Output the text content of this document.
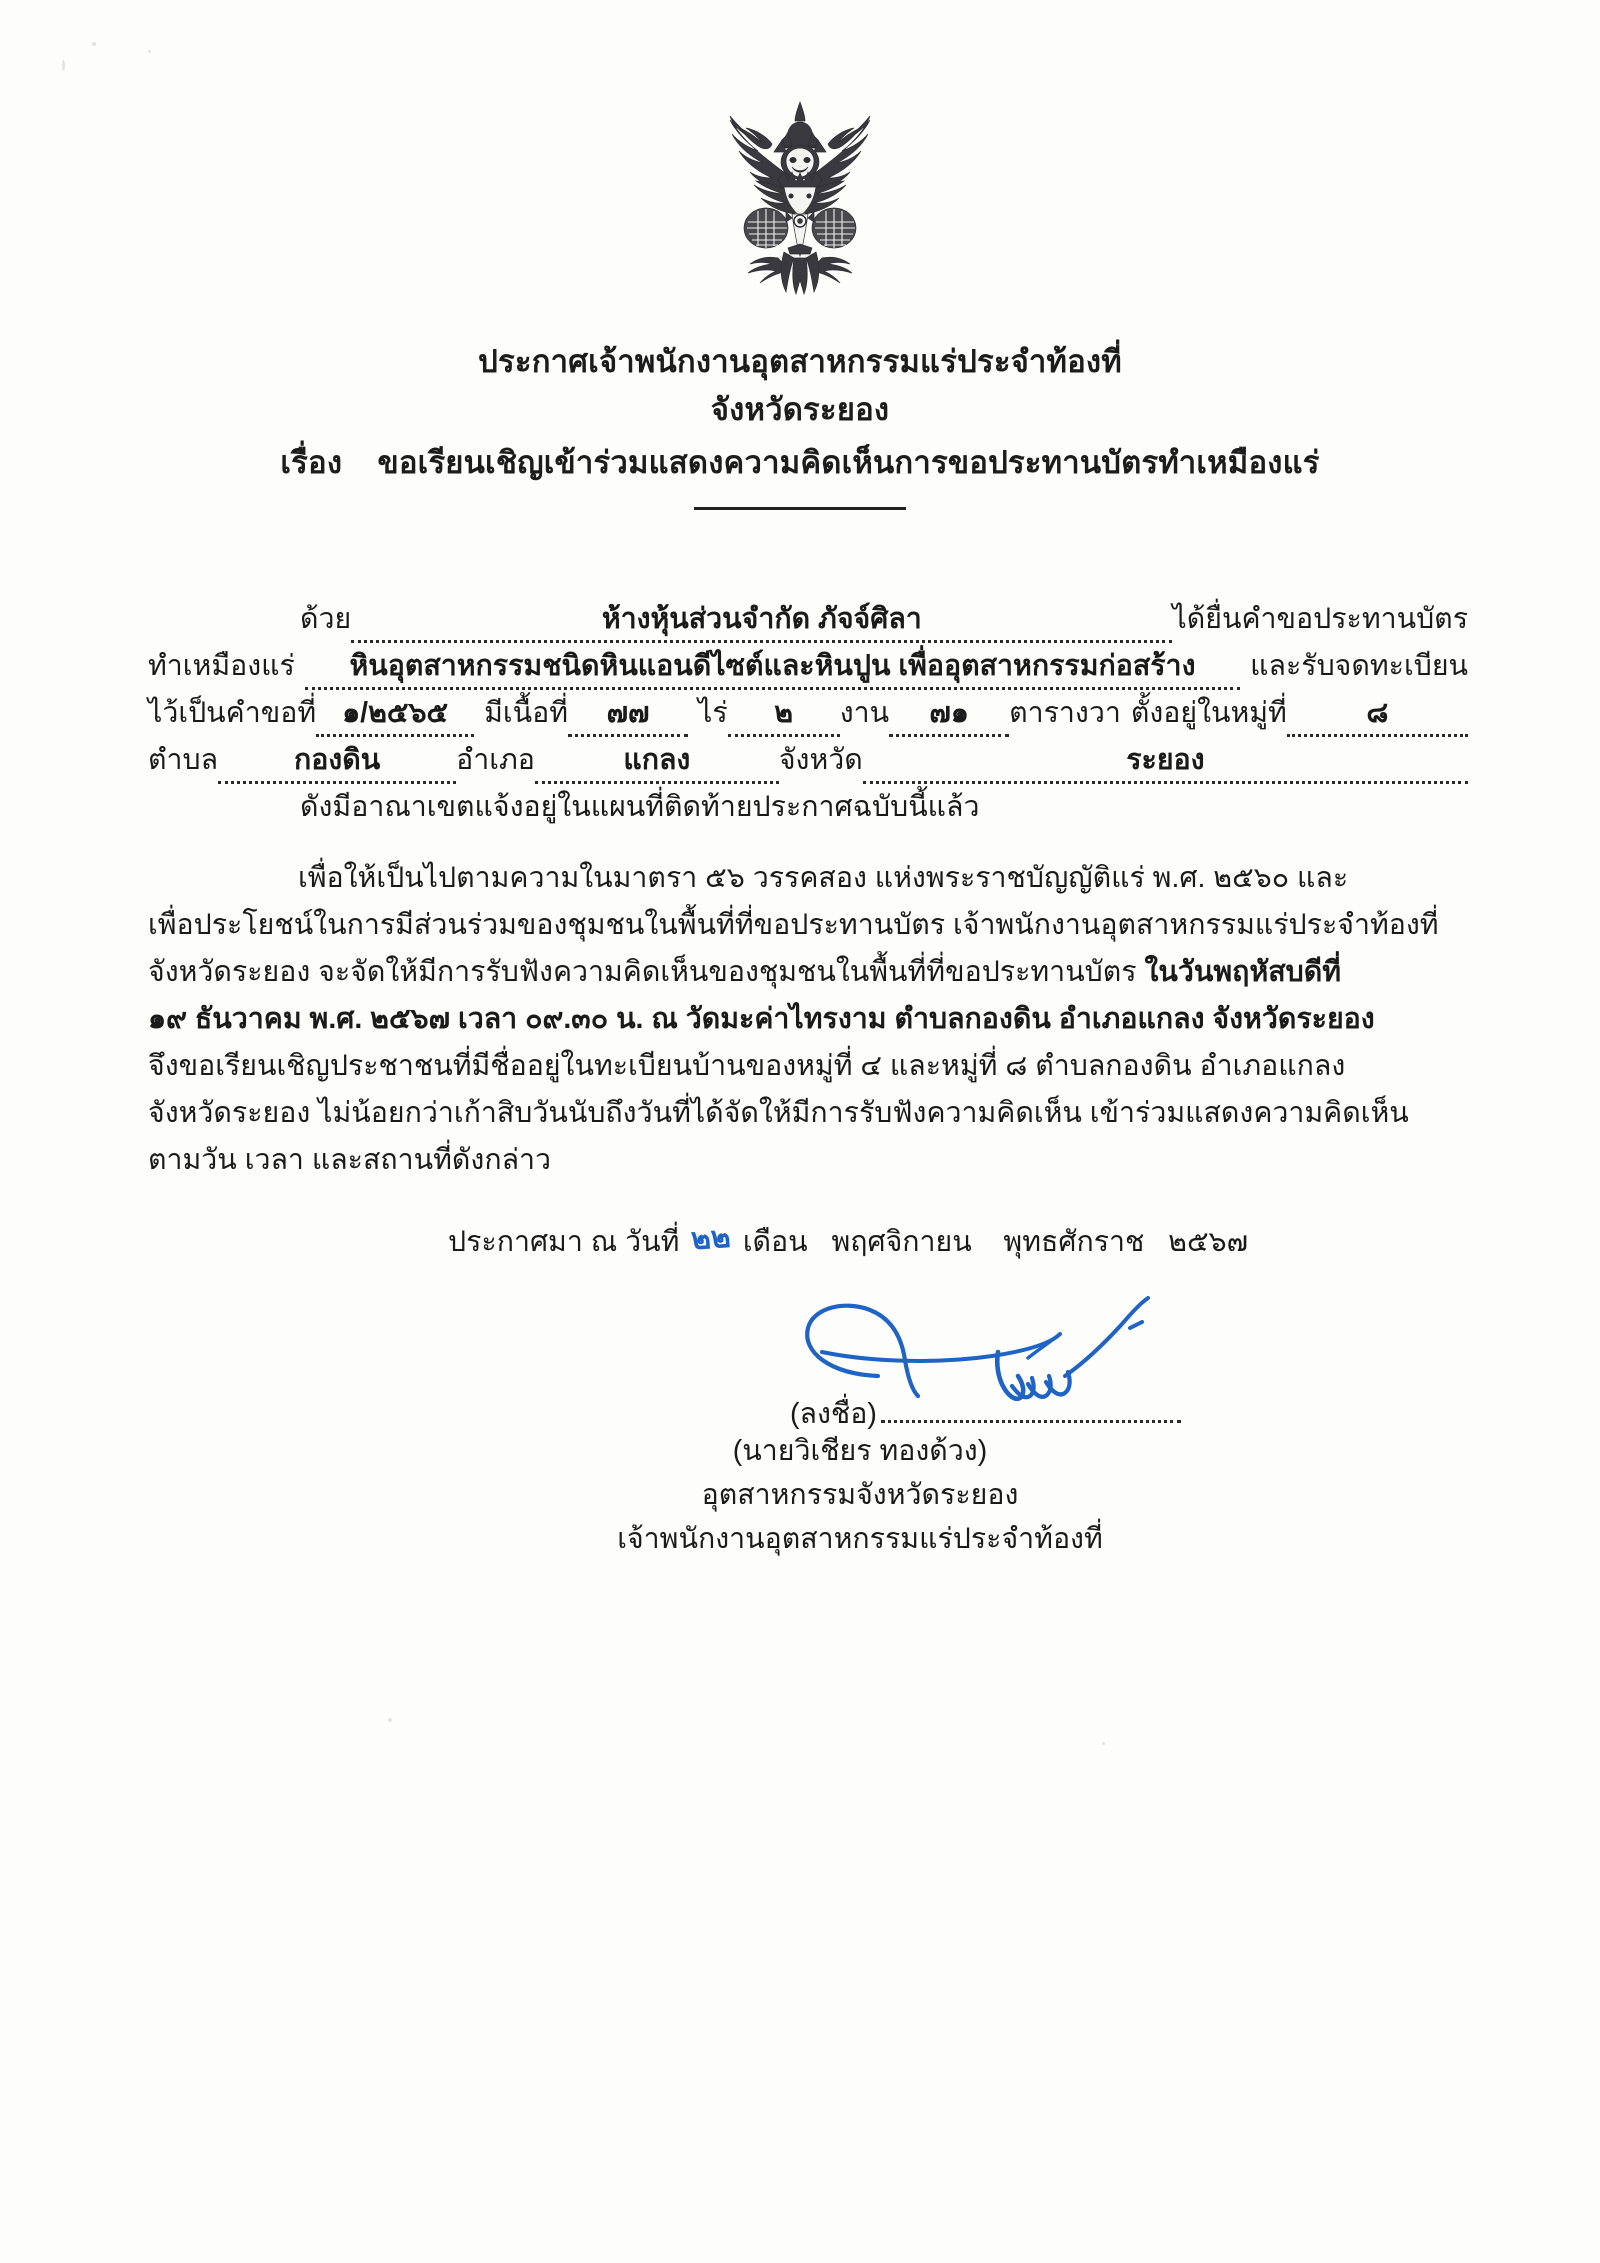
ประกาศเจ้าพนักงานอุตสาหกรรมแร่ประจำท้องที่
จังหวัดระยอง
เรื่อง ขอเรียนเชิญเข้าร่วมแสดงความคิดเห็นการขอประทานบัตรทำเหมืองแร่
ด้วย	ห้างหุ้นส่วนจำกัด ภัจจ์ศิลา	ได้ยื่นคำขอประทานบัตร
ทำเหมืองแร่	หินอุตสาหกรรมชนิดหินแอนดีไซต์และหินปูน เพื่ออุตสาหกรรมก่อสร้าง	และรับจดทะเบียน
ไว้เป็นคำขอที่ ๑/๒๕๖๕	มีเนื้อที่	๗๗	ไร่	๒	งาน	๗๑	ตารางวา ตั้งอยู่ในหมู่ที่	๘
ตำบล	กองดิน	อำเภอ	แกลง	จังหวัด	ระยอง
ดังมีอาณาเขตแจ้งอยู่ในแผนที่ติดท้ายประกาศฉบับนี้แล้ว
เพื่อให้เป็นไปตามความในมาตรา ๕๖ วรรคสอง แห่งพระราชบัญญัติแร่ พ.ศ. ๒๕๖๐ และ
เพื่อประโยชน์ในการมีส่วนร่วมของชุมชนในพื้นที่ที่ขอประทานบัตร เจ้าพนักงานอุตสาหกรรมแร่ประจำท้องที่
จังหวัดระยอง จะจัดให้มีการรับฟังความคิดเห็นของชุมชนในพื้นที่ที่ขอประทานบัตร ในวันพฤหัสบดีที่
๑๙ ธันวาคม พ.ศ. ๒๕๖๗ เวลา ๐๙.๓๐ น. ณ วัดมะค่าไทรงาม ตำบลกองดิน อำเภอแกลง จังหวัดระยอง
จึงขอเรียนเชิญประชาชนที่มีชื่ออยู่ในทะเบียนบ้านของหมู่ที่ ๔ และหมู่ที่ ๘ ตำบลกองดิน อำเภอแกลง
จังหวัดระยอง ไม่น้อยกว่าเก้าสิบวันนับถึงวันที่ได้จัดให้มีการรับฟังความคิดเห็น เข้าร่วมแสดงความคิดเห็น
ตามวัน เวลา และสถานที่ดังกล่าว
ประกาศมา ณ วันที่ ๒๒ เดือน พฤศจิกายน พุทธศักราช ๒๕๖๗
(ลงชื่อ)
(นายวิเชียร ทองด้วง)
อุตสาหกรรมจังหวัดระยอง
เจ้าพนักงานอุตสาหกรรมแร่ประจำท้องที่
